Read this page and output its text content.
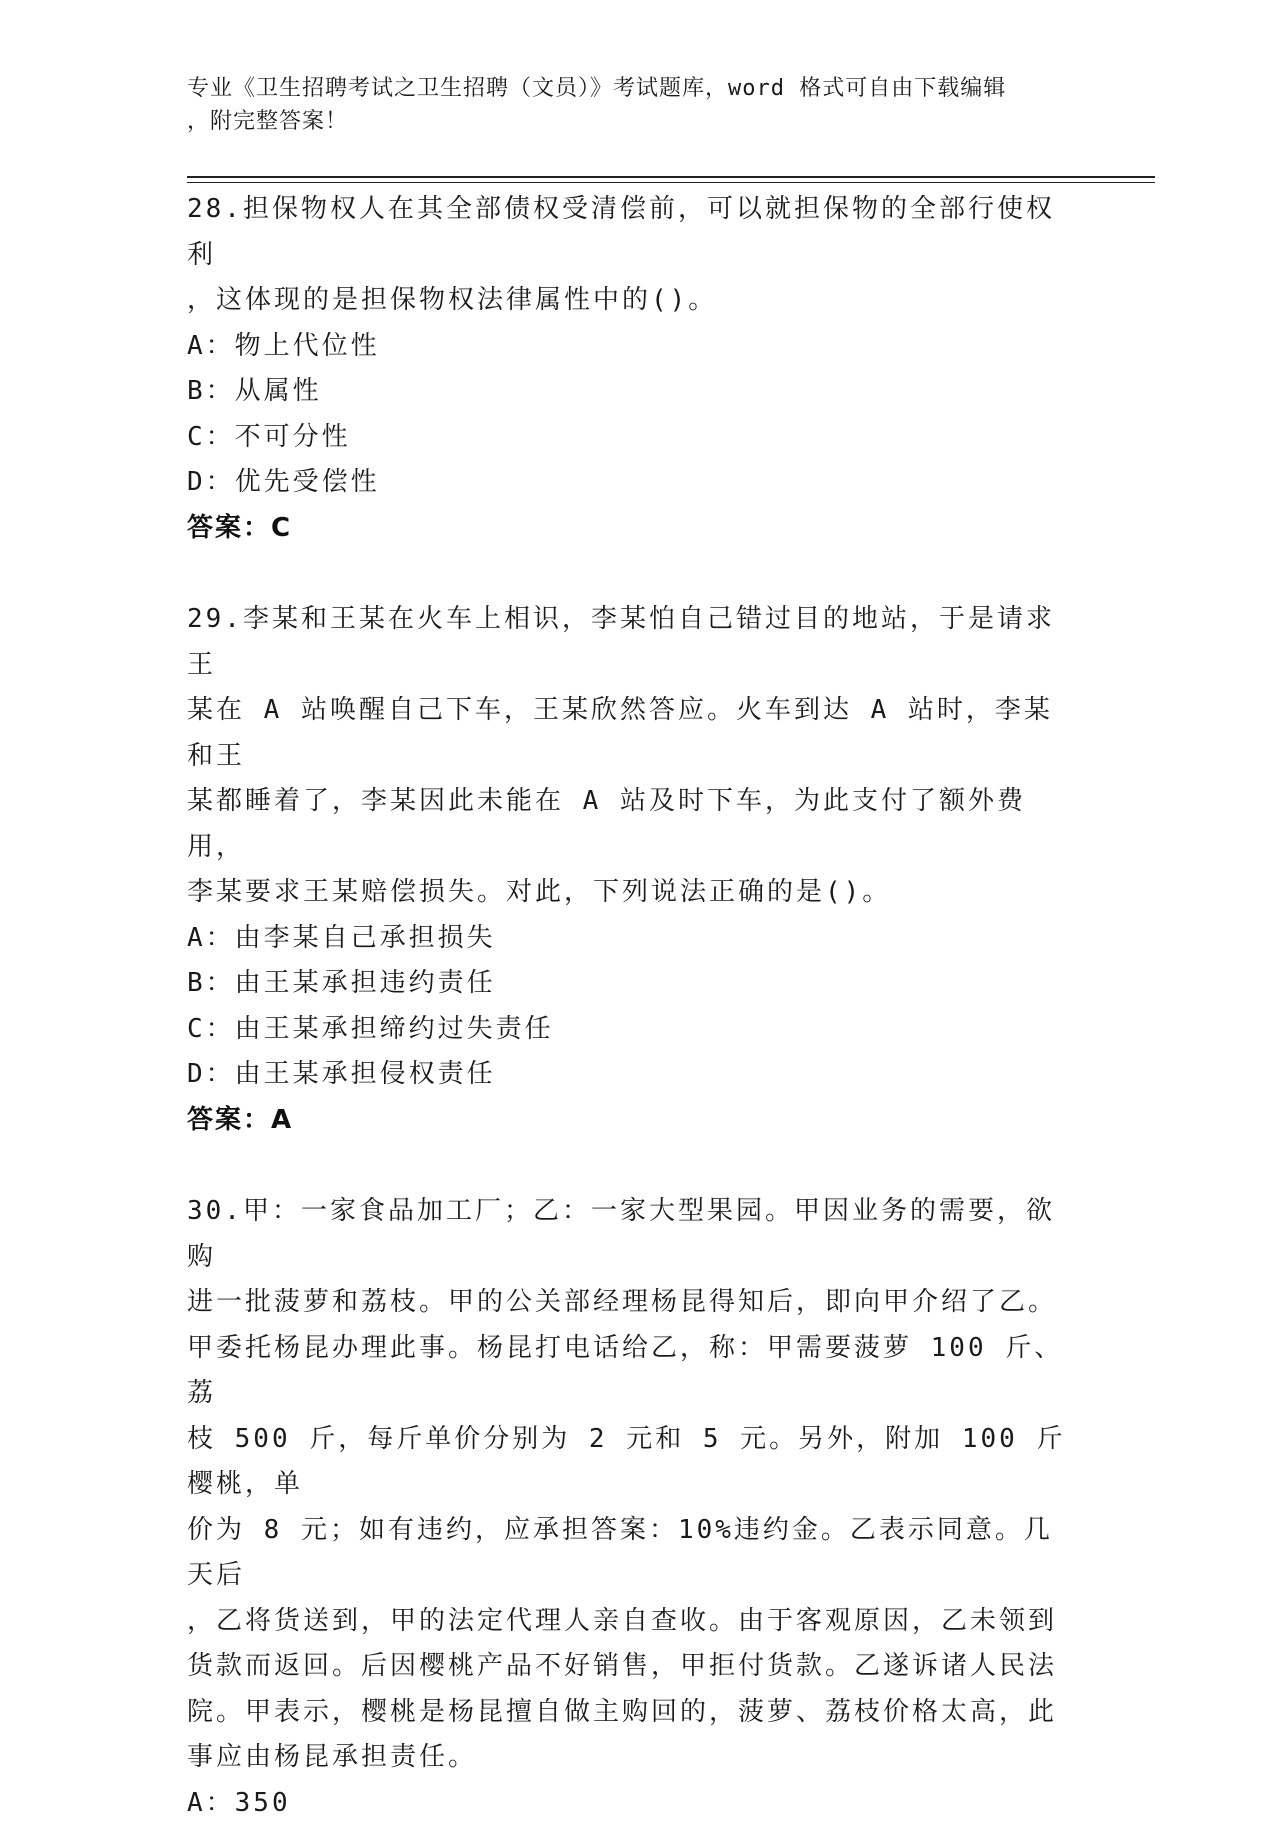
专业《卫生招聘考试之卫生招聘（文员）》考试题库，word 格式可自由下载编辑
，附完整答案！

28.担保物权人在其全部债权受清偿前，可以就担保物的全部行使权利

，这体现的是担保物权法律属性中的()。

A：物上代位性

B：从属性

C：不可分性

D：优先受偿性

答案：C

29.李某和王某在火车上相识，李某怕自己错过目的地站，于是请求王

某在 A 站唤醒自己下车，王某欣然答应。火车到达 A 站时，李某和王

某都睡着了，李某因此未能在 A 站及时下车，为此支付了额外费用，

李某要求王某赔偿损失。对此，下列说法正确的是()。

A：由李某自己承担损失

B：由王某承担违约责任

C：由王某承担缔约过失责任

D：由王某承担侵权责任

答案：A

30.甲：一家食品加工厂；乙：一家大型果园。甲因业务的需要，欲购

进一批菠萝和荔枝。甲的公关部经理杨昆得知后，即向甲介绍了乙。

甲委托杨昆办理此事。杨昆打电话给乙，称：甲需要菠萝 100 斤、荔

枝 500 斤，每斤单价分别为 2 元和 5 元。另外，附加 100 斤樱桃，单

价为 8 元；如有违约，应承担答案：10%违约金。乙表示同意。几天后

，乙将货送到，甲的法定代理人亲自查收。由于客观原因，乙未领到

货款而返回。后因樱桃产品不好销售，甲拒付货款。乙遂诉诸人民法

院。甲表示，樱桃是杨昆擅自做主购回的，菠萝、荔枝价格太高，此

事应由杨昆承担责任。

A：350
